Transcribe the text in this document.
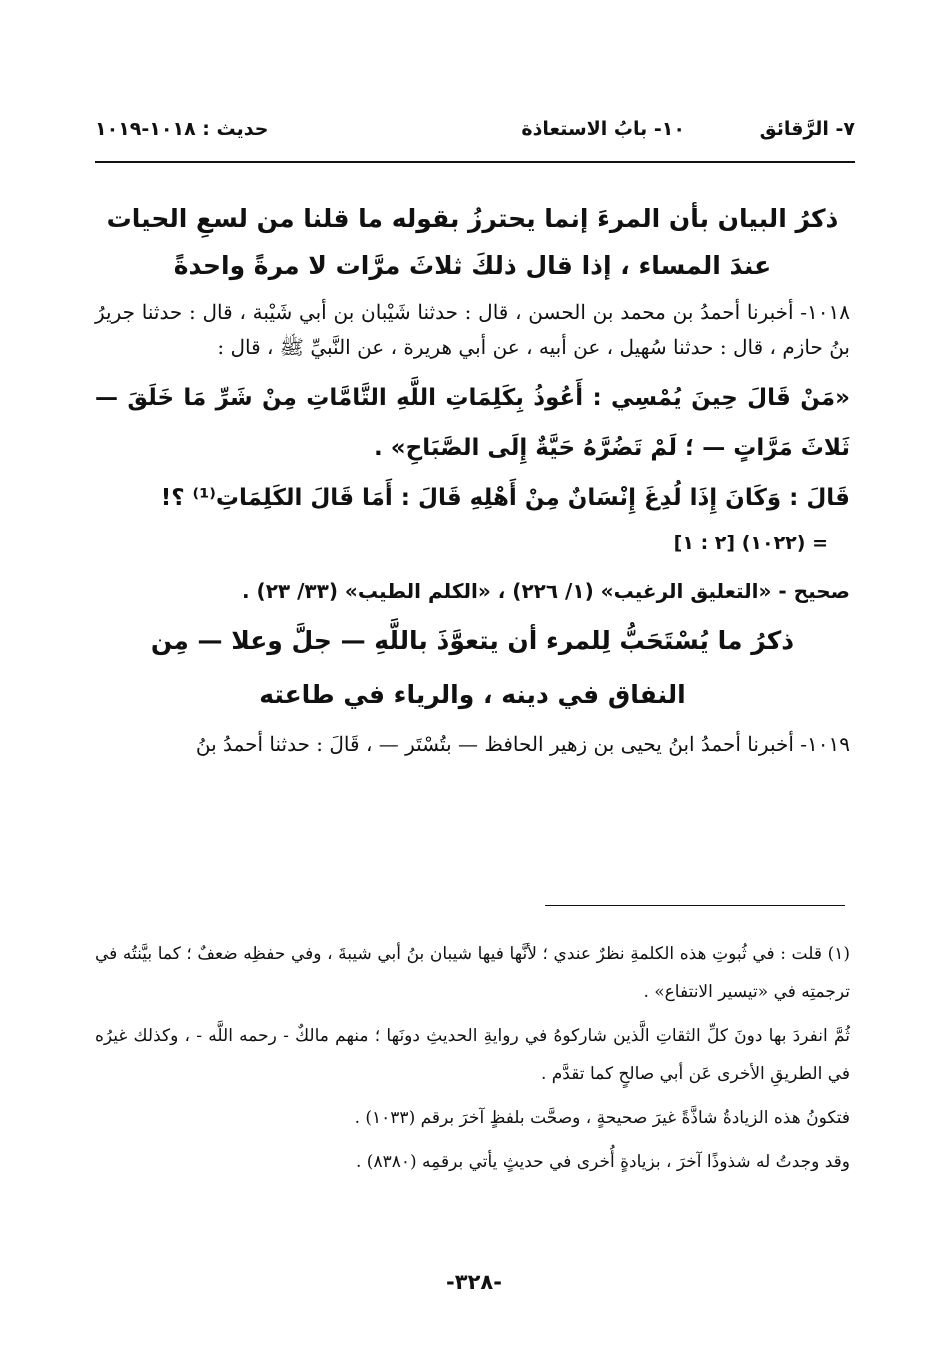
٧- الرَّقائق
١٠- بابُ الاستعاذة
حديث : ١٠١٨-١٠١٩

ذكرُ البيان بأن المرءَ إنما يحترزُ بقوله ما قلنا من لسعِ الحيات

عندَ المساء ، إذا قال ذلكَ ثلاثَ مرَّات لا مرةً واحدةً

١٠١٨- أخبرنا أحمدُ بن محمد بن الحسن ، قال : حدثنا شَيْبان بن أبي شَيْبة ، قال : حدثنا جريرُ بنُ حازم ، قال : حدثنا سُهيل ، عن أبيه ، عن أبي هريرة ، عن النَّبيِّ ﷺ ، قال :

«مَنْ قَالَ حِينَ يُمْسِي : أَعُوذُ بِكَلِمَاتِ اللَّهِ التَّامَّاتِ مِنْ شَرِّ مَا خَلَقَ — ثَلاثَ مَرَّاتٍ — ؛ لَمْ تَضُرَّهُ حَيَّةٌ إِلَى الصَّبَاحِ» .

قَالَ : وَكَانَ إِذَا لُدِغَ إِنْسَانٌ مِنْ أَهْلِهِ قَالَ : أَمَا قَالَ الكَلِمَاتِ⁽¹⁾ ؟!

= (١٠٢٢) [٢ : ١]

صحيح - «التعليق الرغيب» (١/ ٢٢٦) ، «الكلم الطيب» (٣٣/ ٢٣) .

ذكرُ ما يُسْتَحَبُّ لِلمرء أن يتعوَّذَ باللَّهِ — جلَّ وعلا — مِن

النفاق في دينه ، والرياء في طاعته

١٠١٩- أخبرنا أحمدُ ابنُ يحيى بن زهير الحافظ — بتُسْتَر — ، قَالَ : حدثنا أحمدُ بنُ

(١) قلت : في ثُبوتِ هذه الكلمةِ نظرٌ عندي ؛ لأنَّها فيها شيبان بنُ أبي شيبةَ ، وفي حفظِه ضعفٌ ؛ كما بيَّنتُه في ترجمتِه في «تيسير الانتفاع» .

ثُمَّ انفردَ بها دونَ كلِّ الثقاتِ الَّذين شاركوهُ في روايةِ الحديثِ دونَها ؛ منهم مالكٌ - رحمه اللَّه - ، وكذلك غيرُه في الطريقِ الأخرى عَن أبي صالحٍ كما تقدَّم .

فتكونُ هذه الزيادةُ شاذَّةً غيرَ صحيحةٍ ، وصحَّت بلفظٍ آخرَ برقم (١٠٣٣) .

وقد وجدتُ له شذوذًا آخرَ ، بزيادةٍ أُخرى في حديثٍ يأتي برقمِه (٨٣٨٠) .

-٣٢٨-
